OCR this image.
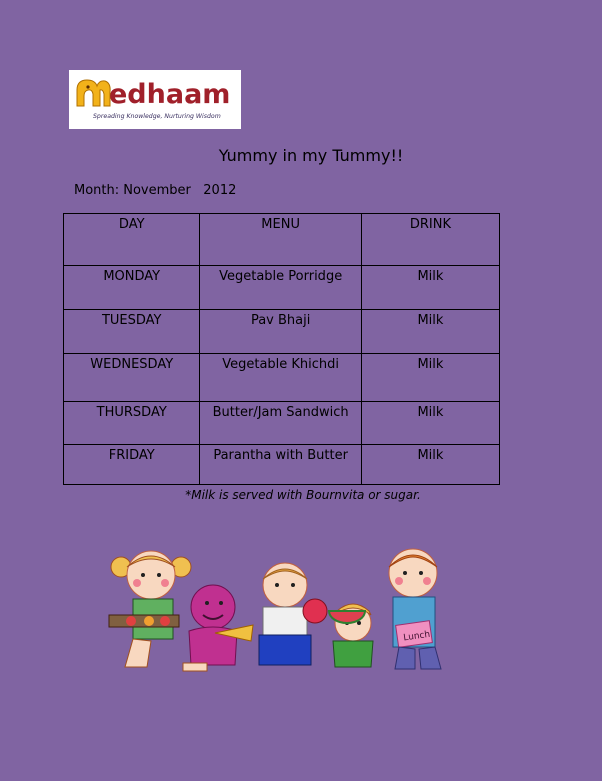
edhaam
Spreading Knowledge, Nurturing Wisdom
Yummy in my Tummy!!
Month: November   2012
DAY	MENU	DRINK
MONDAY	Vegetable Porridge	Milk
TUESDAY	Pav Bhaji	Milk
WEDNESDAY	Vegetable Khichdi	Milk
THURSDAY	Butter/Jam Sandwich	Milk
FRIDAY	Parantha with Butter	Milk
*Milk is served with Bournvita or sugar.
Lunch
